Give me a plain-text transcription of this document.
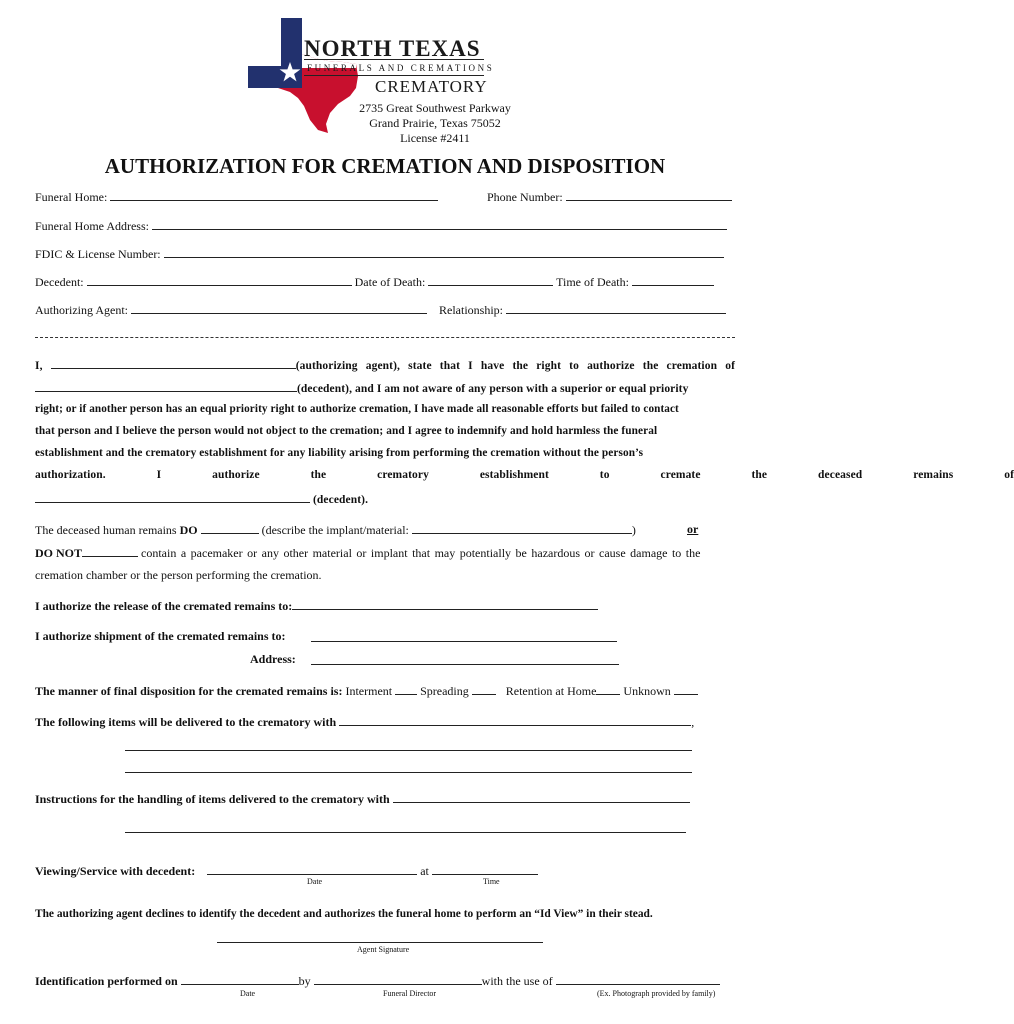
NORTH TEXAS
FUNERALS AND CREMATIONS
CREMATORY
2735 Great Southwest Parkway
Grand Prairie, Texas 75052
License #2411
AUTHORIZATION FOR CREMATION AND DISPOSITION
Funeral Home:	Phone Number:
Funeral Home Address:
FDIC & License Number:
Decedent:	Date of Death:	Time of Death:
Authorizing Agent:	Relationship:
I,	(authorizing agent), state that I have the right to authorize the cremation of
(decedent), and I am not aware of any person with a superior or equal priority
right; or if another person has an equal priority right to authorize cremation, I have made all reasonable efforts but failed to contact
that person and I believe the person would not object to the cremation; and I agree to indemnify and hold harmless the funeral
establishment and the crematory establishment for any liability arising from performing the cremation without the person’s
authorization.   I   authorize   the   crematory   establishment   to   cremate   the   deceased   remains   of
(decedent).
The deceased human remains DO	(describe the implant/material:	)	or
DO NOT	contain a pacemaker or any other material or implant that may potentially be hazardous or cause damage to the
cremation chamber or the person performing the cremation.
I authorize the release of the cremated remains to:
I authorize shipment of the cremated remains to:
Address:
The manner of final disposition for the cremated remains is: Interment Spreading	Retention at Home Unknown
The following items will be delivered to the crematory with	,
Instructions for the handling of items delivered to the crematory with
Viewing/Service with decedent:	at
Date	Time
The authorizing agent declines to identify the decedent and authorizes the funeral home to perform an “Id View” in their stead.
Agent Signature
Identification performed on	by	with the use of
Date	Funeral Director	(Ex. Photograph provided by family)
